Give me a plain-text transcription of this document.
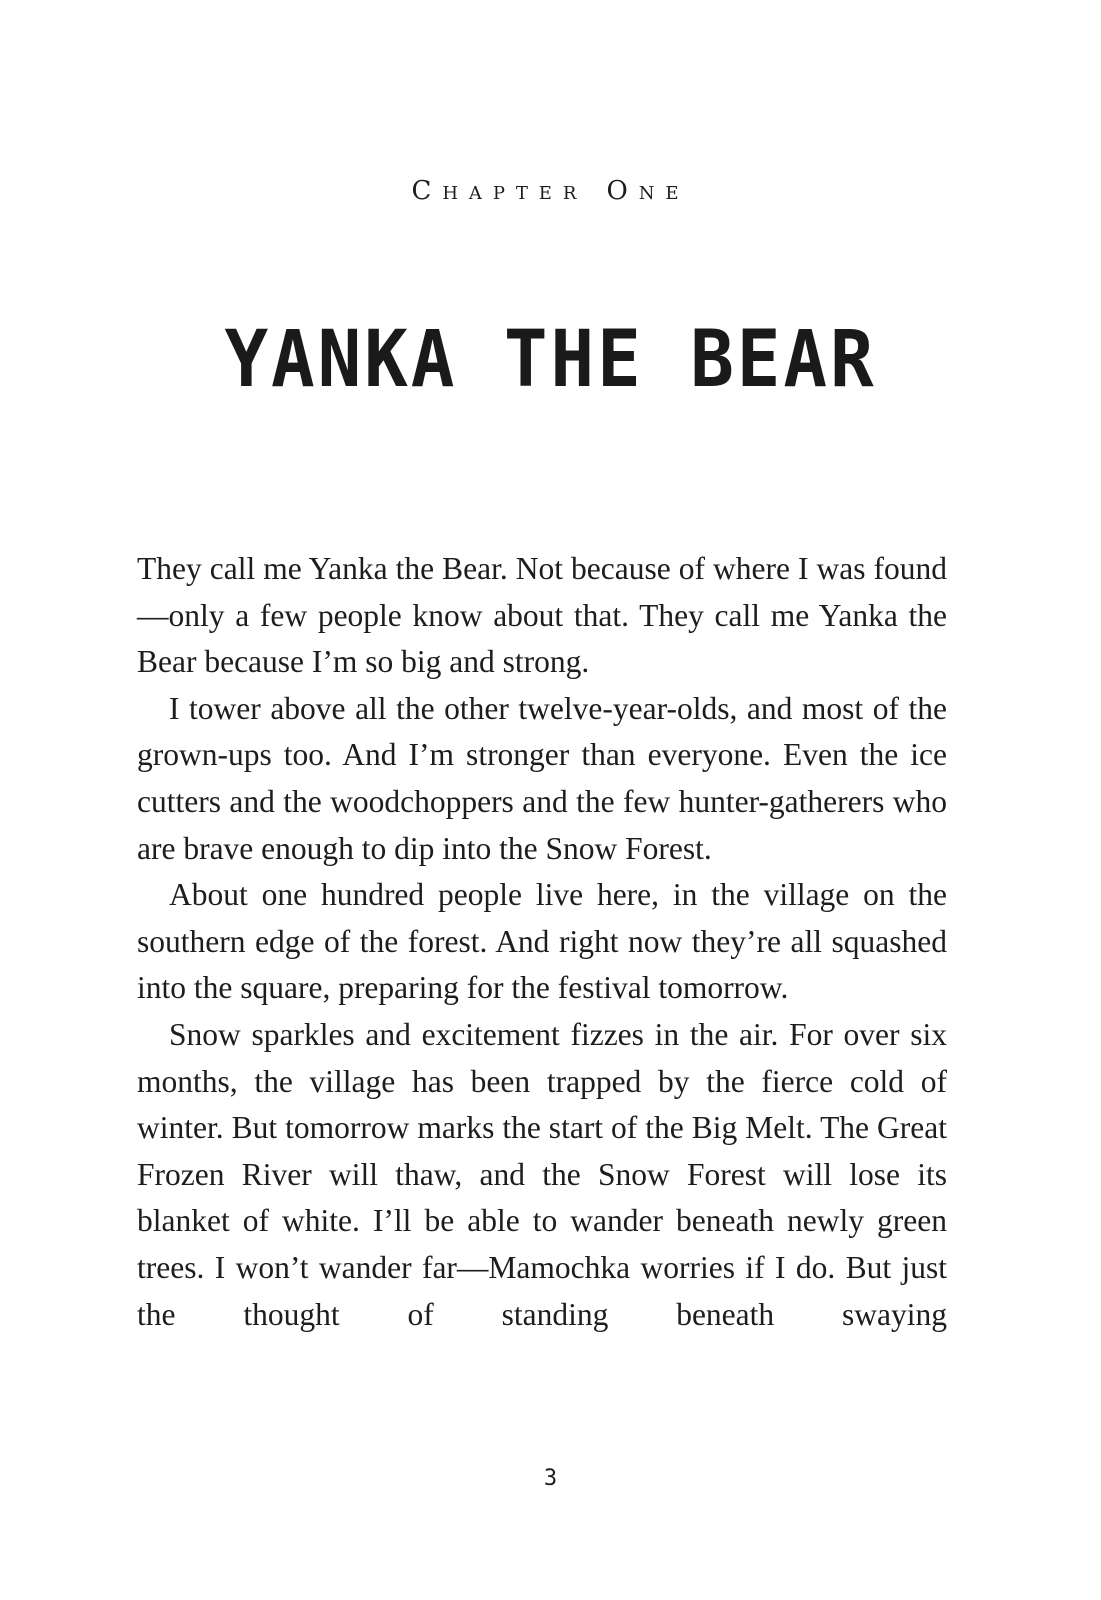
Chapter One
YANKA THE BEAR

They call me Yanka the Bear. Not because of where I was found—only a few people know about that. They call me Yanka the Bear because I’m so big and strong.

I tower above all the other twelve-year-olds, and most of the grown-ups too. And I’m stronger than everyone. Even the ice cutters and the woodchoppers and the few hunter-gatherers who are brave enough to dip into the Snow Forest.

About one hundred people live here, in the village on the southern edge of the forest. And right now they’re all squashed into the square, preparing for the festival tomorrow.

Snow sparkles and excitement fizzes in the air. For over six months, the village has been trapped by the fierce cold of winter. But tomorrow marks the start of the Big Melt. The Great Frozen River will thaw, and the Snow Forest will lose its blanket of white. I’ll be able to wander beneath newly green trees. I won’t wander far—Mamochka worries if I do. But just the thought of standing beneath swaying

3
